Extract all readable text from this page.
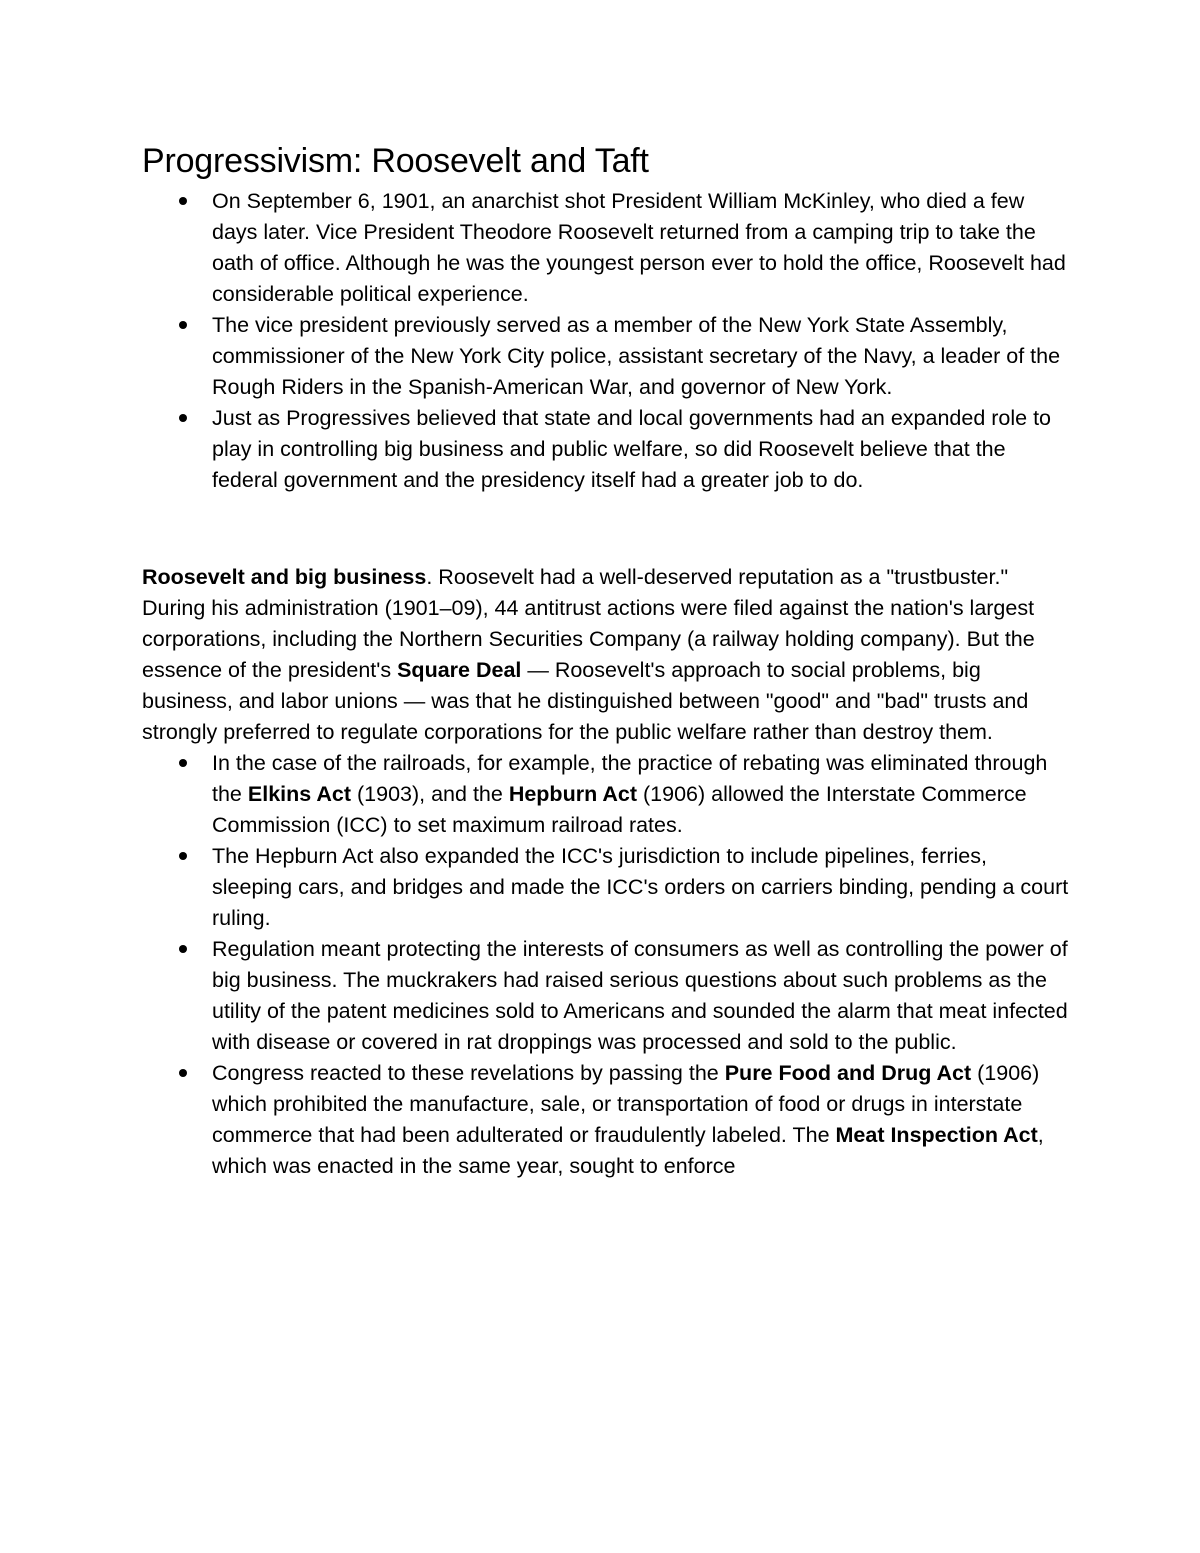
Progressivism: Roosevelt and Taft
On September 6, 1901, an anarchist shot President William McKinley, who died a few days later. Vice President Theodore Roosevelt returned from a camping trip to take the oath of office. Although he was the youngest person ever to hold the office, Roosevelt had considerable political experience.
The vice president previously served as a member of the New York State Assembly, commissioner of the New York City police, assistant secretary of the Navy, a leader of the Rough Riders in the Spanish-American War, and governor of New York.
Just as Progressives believed that state and local governments had an expanded role to play in controlling big business and public welfare, so did Roosevelt believe that the federal government and the presidency itself had a greater job to do.

Roosevelt and big business. Roosevelt had a well-deserved reputation as a "trustbuster." During his administration (1901–09), 44 antitrust actions were filed against the nation's largest corporations, including the Northern Securities Company (a railway holding company). But the essence of the president's Square Deal — Roosevelt's approach to social problems, big business, and labor unions — was that he distinguished between "good" and "bad" trusts and strongly preferred to regulate corporations for the public welfare rather than destroy them.

In the case of the railroads, for example, the practice of rebating was eliminated through the Elkins Act (1903), and the Hepburn Act (1906) allowed the Interstate Commerce Commission (ICC) to set maximum railroad rates.
The Hepburn Act also expanded the ICC's jurisdiction to include pipelines, ferries, sleeping cars, and bridges and made the ICC's orders on carriers binding, pending a court ruling.
Regulation meant protecting the interests of consumers as well as controlling the power of big business. The muckrakers had raised serious questions about such problems as the utility of the patent medicines sold to Americans and sounded the alarm that meat infected with disease or covered in rat droppings was processed and sold to the public.
Congress reacted to these revelations by passing the Pure Food and Drug Act (1906) which prohibited the manufacture, sale, or transportation of food or drugs in interstate commerce that had been adulterated or fraudulently labeled. The Meat Inspection Act, which was enacted in the same year, sought to enforce
